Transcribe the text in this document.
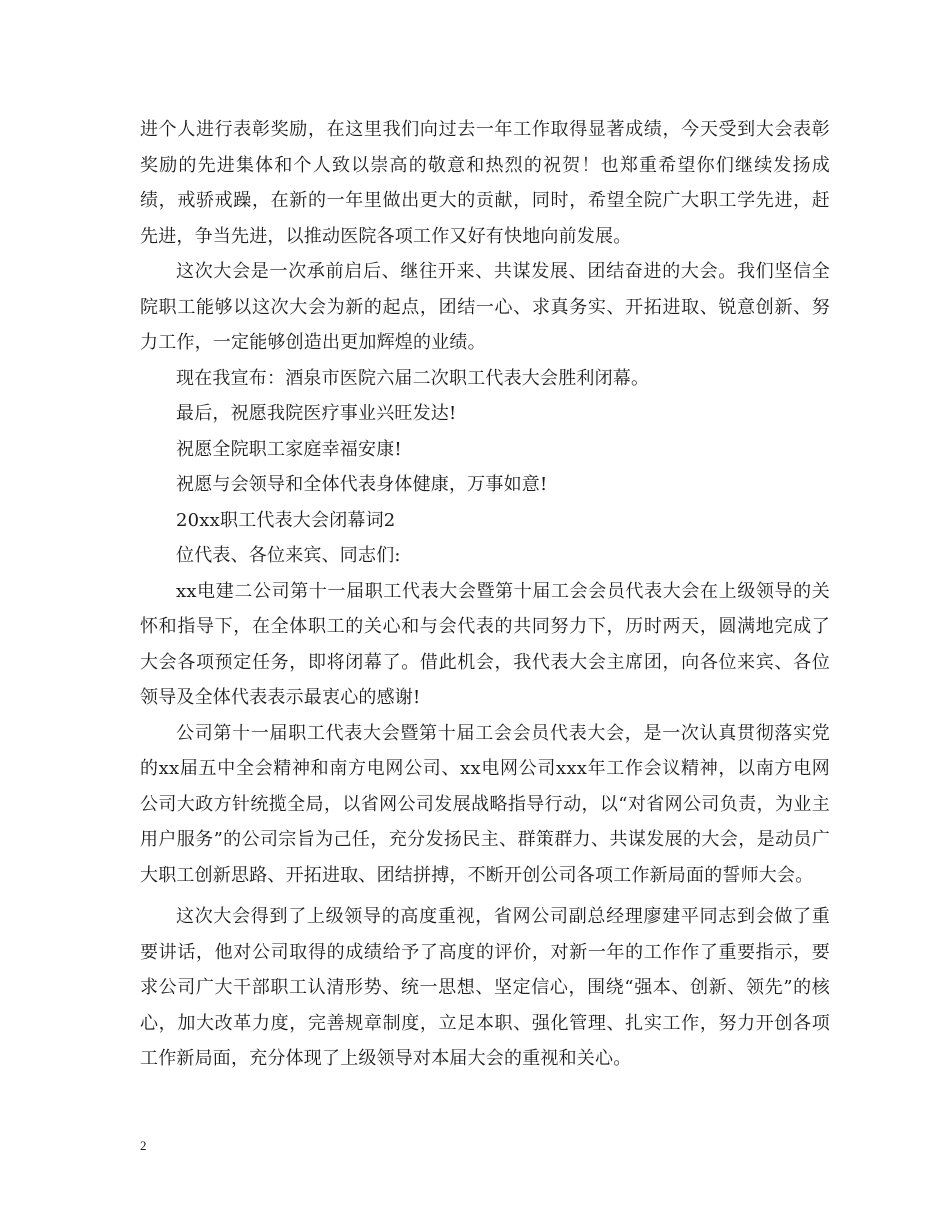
进个人进行表彰奖励，在这里我们向过去一年工作取得显著成绩，今天受到大会表彰奖励的先进集体和个人致以崇高的敬意和热烈的祝贺！也郑重希望你们继续发扬成绩，戒骄戒躁，在新的一年里做出更大的贡献，同时，希望全院广大职工学先进，赶先进，争当先进，以推动医院各项工作又好有快地向前发展。

这次大会是一次承前启后、继往开来、共谋发展、团结奋进的大会。我们坚信全院职工能够以这次大会为新的起点，团结一心、求真务实、开拓进取、锐意创新、努力工作，一定能够创造出更加辉煌的业绩。

现在我宣布：酒泉市医院六届二次职工代表大会胜利闭幕。

最后，祝愿我院医疗事业兴旺发达!

祝愿全院职工家庭幸福安康!

祝愿与会领导和全体代表身体健康，万事如意!

20xx职工代表大会闭幕词2

位代表、各位来宾、同志们:

xx电建二公司第十一届职工代表大会暨第十届工会会员代表大会在上级领导的关怀和指导下，在全体职工的关心和与会代表的共同努力下，历时两天，圆满地完成了大会各项预定任务，即将闭幕了。借此机会，我代表大会主席团，向各位来宾、各位领导及全体代表表示最衷心的感谢!

公司第十一届职工代表大会暨第十届工会会员代表大会，是一次认真贯彻落实党的xx届五中全会精神和南方电网公司、xx电网公司xxx年工作会议精神，以南方电网公司大政方针统揽全局，以省网公司发展战略指导行动，以“对省网公司负责，为业主用户服务”的公司宗旨为己任，充分发扬民主、群策群力、共谋发展的大会，是动员广大职工创新思路、开拓进取、团结拼搏，不断开创公司各项工作新局面的誓师大会。

这次大会得到了上级领导的高度重视，省网公司副总经理廖建平同志到会做了重要讲话，他对公司取得的成绩给予了高度的评价，对新一年的工作作了重要指示，要求公司广大干部职工认清形势、统一思想、坚定信心，围绕“强本、创新、领先”的核心，加大改革力度，完善规章制度，立足本职、强化管理、扎实工作，努力开创各项工作新局面，充分体现了上级领导对本届大会的重视和关心。

2
